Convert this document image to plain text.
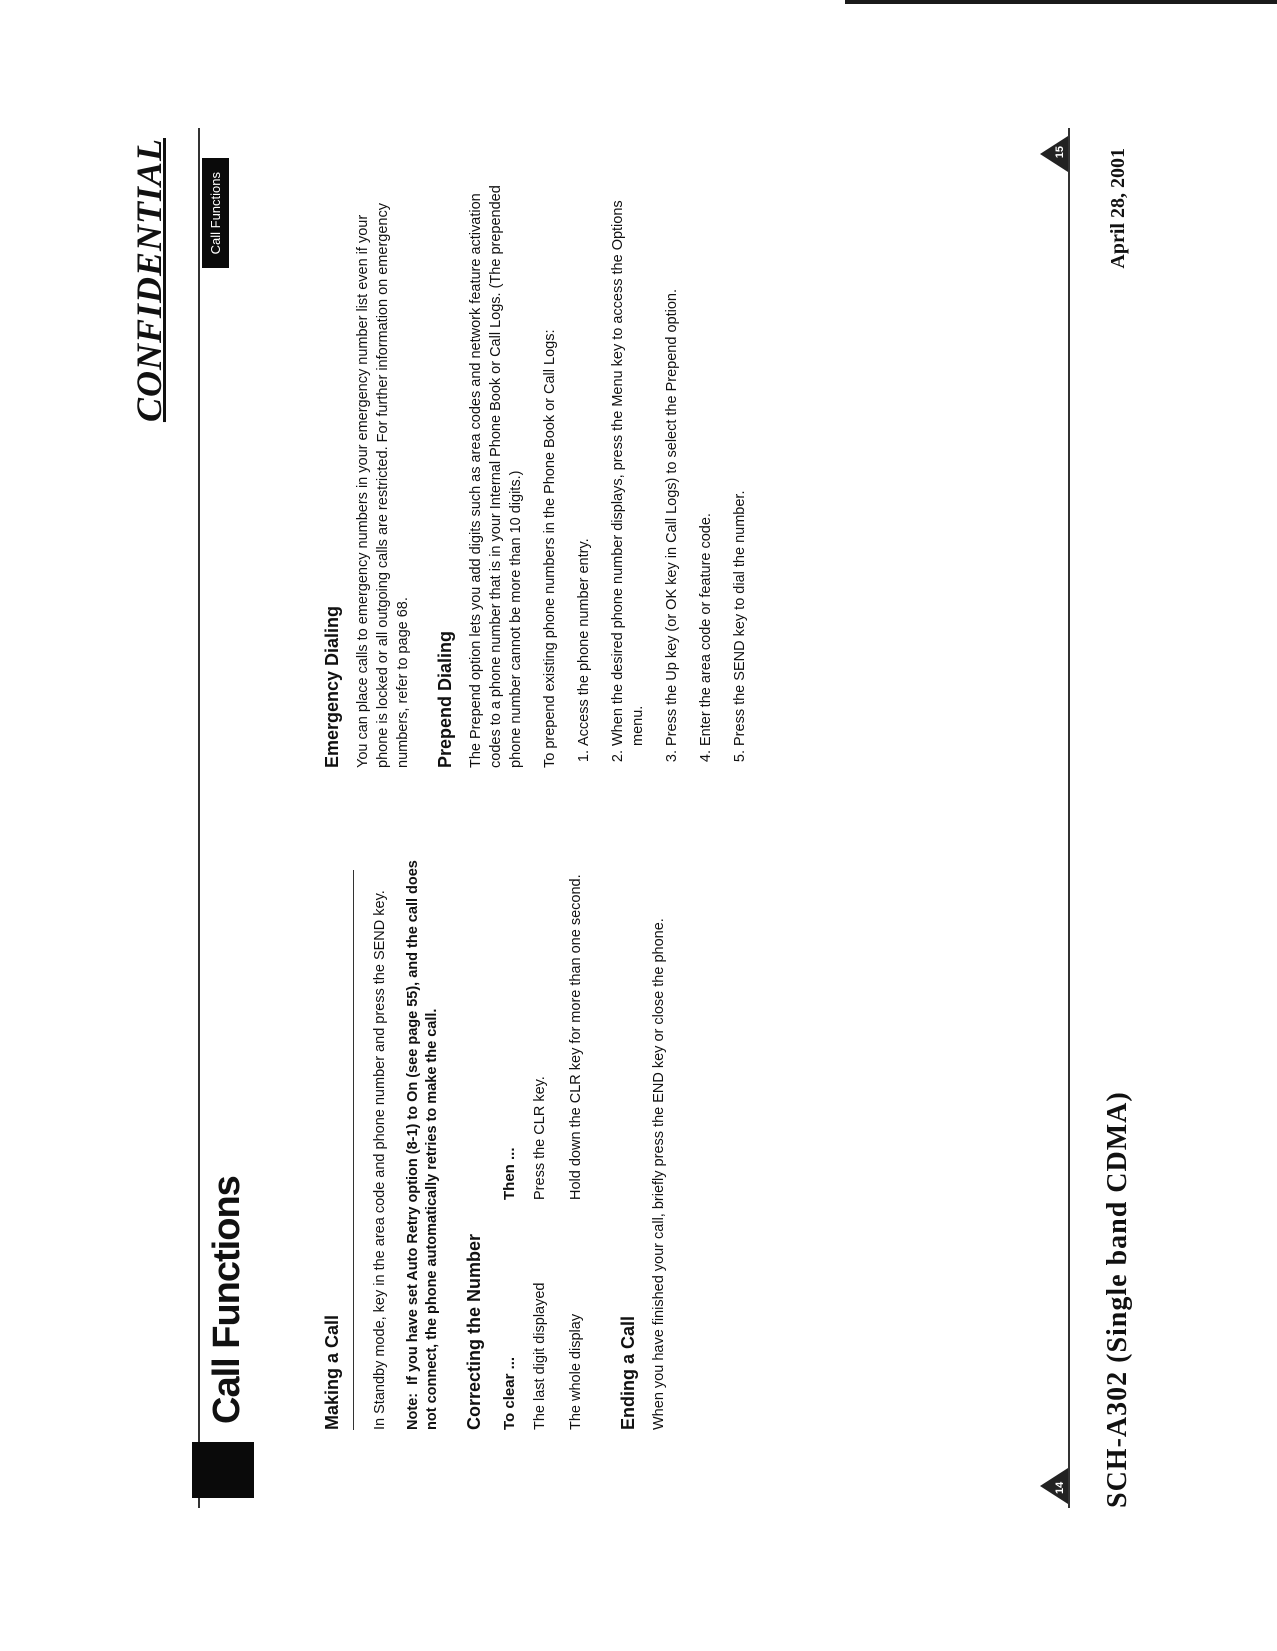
CONFIDENTIAL
Call Functions
Call Functions
Making a Call In Standby mode, key in the area code and phone number and press the SEND key. Note: If you have set Auto Retry option (8-1) to On (see page 55), and the call does not connect, the phone automatically retries to make the call. Correcting the Number To clear ...	Then ...
The last digit displayed	Press the CLR key.
The whole display	Hold down the CLR key for more than one second.
Ending a Call When you have finished your call, briefly press the END key or close the phone.

Emergency Dialing You can place calls to emergency numbers in your emergency number list even if your phone is locked or all outgoing calls are restricted. For further information on emergency numbers, refer to page 68. Prepend Dialing The Prepend option lets you add digits such as area codes and network feature activation codes to a phone number that is in your Internal Phone Book or Call Logs. (The prepended phone number cannot be more than 10 digits.) To prepend existing phone numbers in the Phone Book or Call Logs: 1. Access the phone number entry. 2. When the desired phone number displays, press the Menu key to access the Options menu. 3. Press the Up key (or OK key in Call Logs) to select the Prepend option. 4. Enter the area code or feature code. 5. Press the SEND key to dial the number.
14
15
SCH-A302 (Single band CDMA)
April 28, 2001
